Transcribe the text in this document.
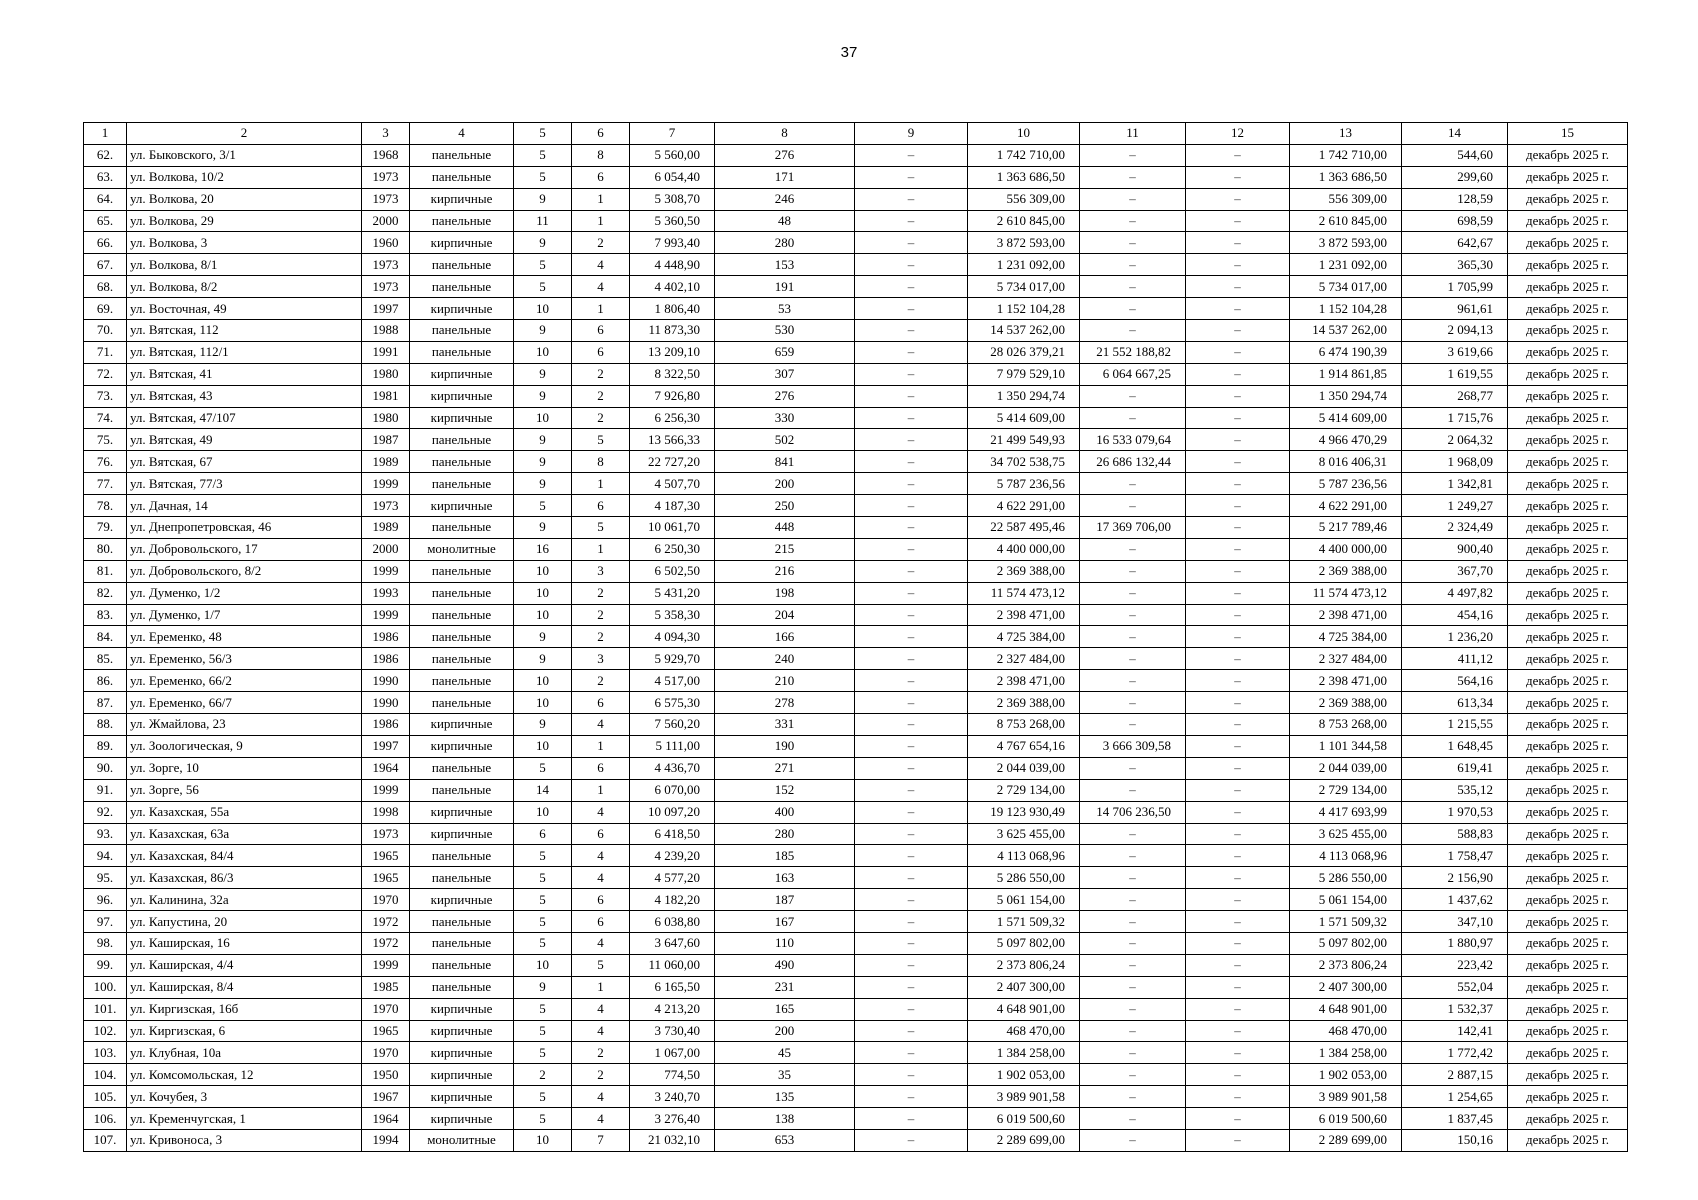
37
1	2	3	4	5	6	7	8	9	10	11	12	13	14	15
62.	ул. Быковского, 3/1	1968	панельные	5	8	5 560,00	276	–	1 742 710,00	–	–	1 742 710,00	544,60	декабрь 2025 г.
63.	ул. Волкова, 10/2	1973	панельные	5	6	6 054,40	171	–	1 363 686,50	–	–	1 363 686,50	299,60	декабрь 2025 г.
64.	ул. Волкова, 20	1973	кирпичные	9	1	5 308,70	246	–	556 309,00	–	–	556 309,00	128,59	декабрь 2025 г.
65.	ул. Волкова, 29	2000	панельные	11	1	5 360,50	48	–	2 610 845,00	–	–	2 610 845,00	698,59	декабрь 2025 г.
66.	ул. Волкова, 3	1960	кирпичные	9	2	7 993,40	280	–	3 872 593,00	–	–	3 872 593,00	642,67	декабрь 2025 г.
67.	ул. Волкова, 8/1	1973	панельные	5	4	4 448,90	153	–	1 231 092,00	–	–	1 231 092,00	365,30	декабрь 2025 г.
68.	ул. Волкова, 8/2	1973	панельные	5	4	4 402,10	191	–	5 734 017,00	–	–	5 734 017,00	1 705,99	декабрь 2025 г.
69.	ул. Восточная, 49	1997	кирпичные	10	1	1 806,40	53	–	1 152 104,28	–	–	1 152 104,28	961,61	декабрь 2025 г.
70.	ул. Вятская, 112	1988	панельные	9	6	11 873,30	530	–	14 537 262,00	–	–	14 537 262,00	2 094,13	декабрь 2025 г.
71.	ул. Вятская, 112/1	1991	панельные	10	6	13 209,10	659	–	28 026 379,21	21 552 188,82	–	6 474 190,39	3 619,66	декабрь 2025 г.
72.	ул. Вятская, 41	1980	кирпичные	9	2	8 322,50	307	–	7 979 529,10	6 064 667,25	–	1 914 861,85	1 619,55	декабрь 2025 г.
73.	ул. Вятская, 43	1981	кирпичные	9	2	7 926,80	276	–	1 350 294,74	–	–	1 350 294,74	268,77	декабрь 2025 г.
74.	ул. Вятская, 47/107	1980	кирпичные	10	2	6 256,30	330	–	5 414 609,00	–	–	5 414 609,00	1 715,76	декабрь 2025 г.
75.	ул. Вятская, 49	1987	панельные	9	5	13 566,33	502	–	21 499 549,93	16 533 079,64	–	4 966 470,29	2 064,32	декабрь 2025 г.
76.	ул. Вятская, 67	1989	панельные	9	8	22 727,20	841	–	34 702 538,75	26 686 132,44	–	8 016 406,31	1 968,09	декабрь 2025 г.
77.	ул. Вятская, 77/3	1999	панельные	9	1	4 507,70	200	–	5 787 236,56	–	–	5 787 236,56	1 342,81	декабрь 2025 г.
78.	ул. Дачная, 14	1973	кирпичные	5	6	4 187,30	250	–	4 622 291,00	–	–	4 622 291,00	1 249,27	декабрь 2025 г.
79.	ул. Днепропетровская, 46	1989	панельные	9	5	10 061,70	448	–	22 587 495,46	17 369 706,00	–	5 217 789,46	2 324,49	декабрь 2025 г.
80.	ул. Добровольского, 17	2000	монолитные	16	1	6 250,30	215	–	4 400 000,00	–	–	4 400 000,00	900,40	декабрь 2025 г.
81.	ул. Добровольского, 8/2	1999	панельные	10	3	6 502,50	216	–	2 369 388,00	–	–	2 369 388,00	367,70	декабрь 2025 г.
82.	ул. Думенко, 1/2	1993	панельные	10	2	5 431,20	198	–	11 574 473,12	–	–	11 574 473,12	4 497,82	декабрь 2025 г.
83.	ул. Думенко, 1/7	1999	панельные	10	2	5 358,30	204	–	2 398 471,00	–	–	2 398 471,00	454,16	декабрь 2025 г.
84.	ул. Еременко, 48	1986	панельные	9	2	4 094,30	166	–	4 725 384,00	–	–	4 725 384,00	1 236,20	декабрь 2025 г.
85.	ул. Еременко, 56/3	1986	панельные	9	3	5 929,70	240	–	2 327 484,00	–	–	2 327 484,00	411,12	декабрь 2025 г.
86.	ул. Еременко, 66/2	1990	панельные	10	2	4 517,00	210	–	2 398 471,00	–	–	2 398 471,00	564,16	декабрь 2025 г.
87.	ул. Еременко, 66/7	1990	панельные	10	6	6 575,30	278	–	2 369 388,00	–	–	2 369 388,00	613,34	декабрь 2025 г.
88.	ул. Жмайлова, 23	1986	кирпичные	9	4	7 560,20	331	–	8 753 268,00	–	–	8 753 268,00	1 215,55	декабрь 2025 г.
89.	ул. Зоологическая, 9	1997	кирпичные	10	1	5 111,00	190	–	4 767 654,16	3 666 309,58	–	1 101 344,58	1 648,45	декабрь 2025 г.
90.	ул. Зорге, 10	1964	панельные	5	6	4 436,70	271	–	2 044 039,00	–	–	2 044 039,00	619,41	декабрь 2025 г.
91.	ул. Зорге, 56	1999	панельные	14	1	6 070,00	152	–	2 729 134,00	–	–	2 729 134,00	535,12	декабрь 2025 г.
92.	ул. Казахская, 55а	1998	кирпичные	10	4	10 097,20	400	–	19 123 930,49	14 706 236,50	–	4 417 693,99	1 970,53	декабрь 2025 г.
93.	ул. Казахская, 63а	1973	кирпичные	6	6	6 418,50	280	–	3 625 455,00	–	–	3 625 455,00	588,83	декабрь 2025 г.
94.	ул. Казахская, 84/4	1965	панельные	5	4	4 239,20	185	–	4 113 068,96	–	–	4 113 068,96	1 758,47	декабрь 2025 г.
95.	ул. Казахская, 86/3	1965	панельные	5	4	4 577,20	163	–	5 286 550,00	–	–	5 286 550,00	2 156,90	декабрь 2025 г.
96.	ул. Калинина, 32а	1970	кирпичные	5	6	4 182,20	187	–	5 061 154,00	–	–	5 061 154,00	1 437,62	декабрь 2025 г.
97.	ул. Капустина, 20	1972	панельные	5	6	6 038,80	167	–	1 571 509,32	–	–	1 571 509,32	347,10	декабрь 2025 г.
98.	ул. Каширская, 16	1972	панельные	5	4	3 647,60	110	–	5 097 802,00	–	–	5 097 802,00	1 880,97	декабрь 2025 г.
99.	ул. Каширская, 4/4	1999	панельные	10	5	11 060,00	490	–	2 373 806,24	–	–	2 373 806,24	223,42	декабрь 2025 г.
100.	ул. Каширская, 8/4	1985	панельные	9	1	6 165,50	231	–	2 407 300,00	–	–	2 407 300,00	552,04	декабрь 2025 г.
101.	ул. Киргизская, 16б	1970	кирпичные	5	4	4 213,20	165	–	4 648 901,00	–	–	4 648 901,00	1 532,37	декабрь 2025 г.
102.	ул. Киргизская, 6	1965	кирпичные	5	4	3 730,40	200	–	468 470,00	–	–	468 470,00	142,41	декабрь 2025 г.
103.	ул. Клубная, 10а	1970	кирпичные	5	2	1 067,00	45	–	1 384 258,00	–	–	1 384 258,00	1 772,42	декабрь 2025 г.
104.	ул. Комсомольская, 12	1950	кирпичные	2	2	774,50	35	–	1 902 053,00	–	–	1 902 053,00	2 887,15	декабрь 2025 г.
105.	ул. Кочубея, 3	1967	кирпичные	5	4	3 240,70	135	–	3 989 901,58	–	–	3 989 901,58	1 254,65	декабрь 2025 г.
106.	ул. Кременчугская, 1	1964	кирпичные	5	4	3 276,40	138	–	6 019 500,60	–	–	6 019 500,60	1 837,45	декабрь 2025 г.
107.	ул. Кривоноса, 3	1994	монолитные	10	7	21 032,10	653	–	2 289 699,00	–	–	2 289 699,00	150,16	декабрь 2025 г.
